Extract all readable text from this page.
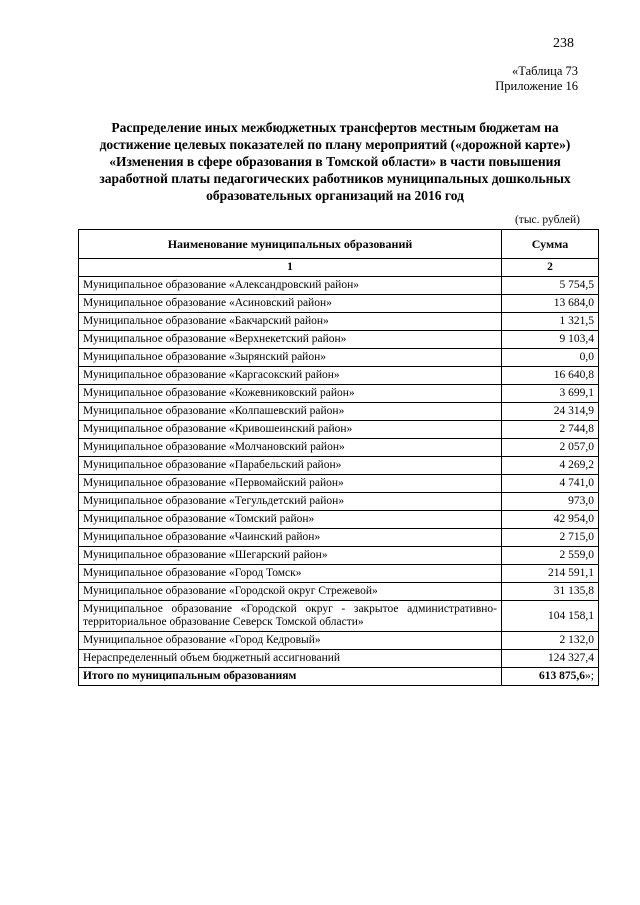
238
«Таблица 73
Приложение 16
Распределение иных межбюджетных трансфертов местным бюджетам на достижение целевых показателей по плану мероприятий («дорожной карте») «Изменения в сфере образования в Томской области» в части повышения заработной платы педагогических работников муниципальных дошкольных образовательных организаций на 2016 год
(тыс. рублей)
Наименование муниципальных образований	Сумма
1	2
Муниципальное образование «Александровский район»	5 754,5
Муниципальное образование «Асиновский район»	13 684,0
Муниципальное образование «Бакчарский район»	1 321,5
Муниципальное образование «Верхнекетский район»	9 103,4
Муниципальное образование «Зырянский район»	0,0
Муниципальное образование «Каргасокский район»	16 640,8
Муниципальное образование «Кожевниковский район»	3 699,1
Муниципальное образование «Колпашевский район»	24 314,9
Муниципальное образование «Кривошеинский район»	2 744,8
Муниципальное образование «Молчановский район»	2 057,0
Муниципальное образование «Парабельский район»	4 269,2
Муниципальное образование «Первомайский район»	4 741,0
Муниципальное образование «Тегульдетский район»	973,0
Муниципальное образование «Томский район»	42 954,0
Муниципальное образование «Чаинский район»	2 715,0
Муниципальное образование «Шегарский район»	2 559,0
Муниципальное образование «Город Томск»	214 591,1
Муниципальное образование «Городской округ Стрежевой»	31 135,8
Муниципальное образование «Городской округ - закрытое административно-территориальное образование Северск Томской области»	104 158,1
Муниципальное образование «Город Кедровый»	2 132,0
Нераспределенный объем бюджетный ассигнований	124 327,4
Итого по муниципальным образованиям	613 875,6»;
